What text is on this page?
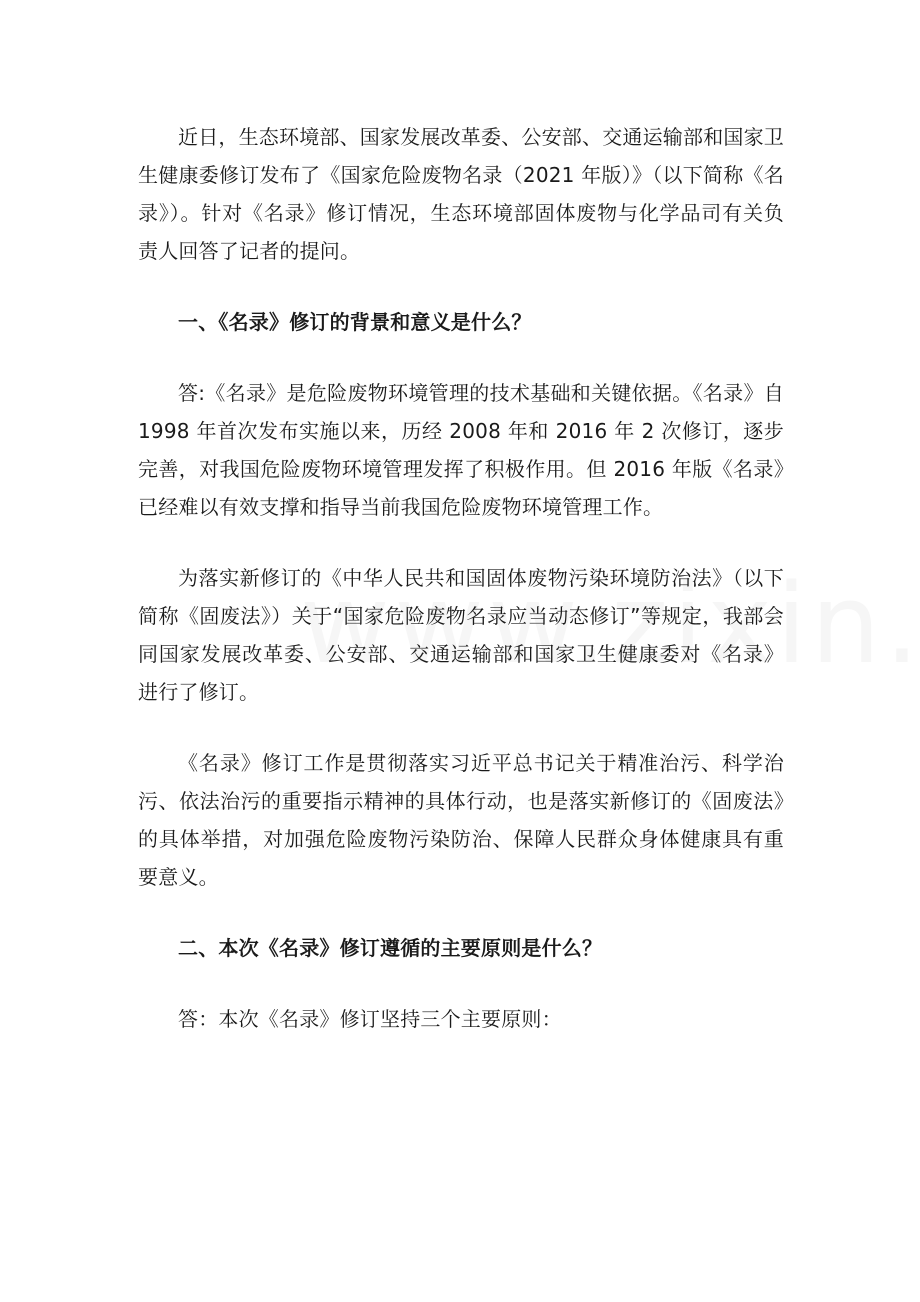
近日，生态环境部、国家发展改革委、公安部、交通运输部和国家卫生健康委修订发布了《国家危险废物名录（2021 年版）》（以下简称《名录》）。针对《名录》修订情况，生态环境部固体废物与化学品司有关负责人回答了记者的提问。

一、《名录》修订的背景和意义是什么？

答:《名录》是危险废物环境管理的技术基础和关键依据。《名录》自 1998 年首次发布实施以来，历经 2008 年和 2016 年 2 次修订，逐步完善，对我国危险废物环境管理发挥了积极作用。但 2016 年版《名录》已经难以有效支撑和指导当前我国危险废物环境管理工作。

为落实新修订的《中华人民共和国固体废物污染环境防治法》（以下简称《固废法》）关于“国家危险废物名录应当动态修订”等规定，我部会同国家发展改革委、公安部、交通运输部和国家卫生健康委对《名录》进行了修订。

《名录》修订工作是贯彻落实习近平总书记关于精准治污、科学治污、依法治污的重要指示精神的具体行动，也是落实新修订的《固废法》的具体举措，对加强危险废物污染防治、保障人民群众身体健康具有重要意义。

二、本次《名录》修订遵循的主要原则是什么？

答：本次《名录》修订坚持三个主要原则：
